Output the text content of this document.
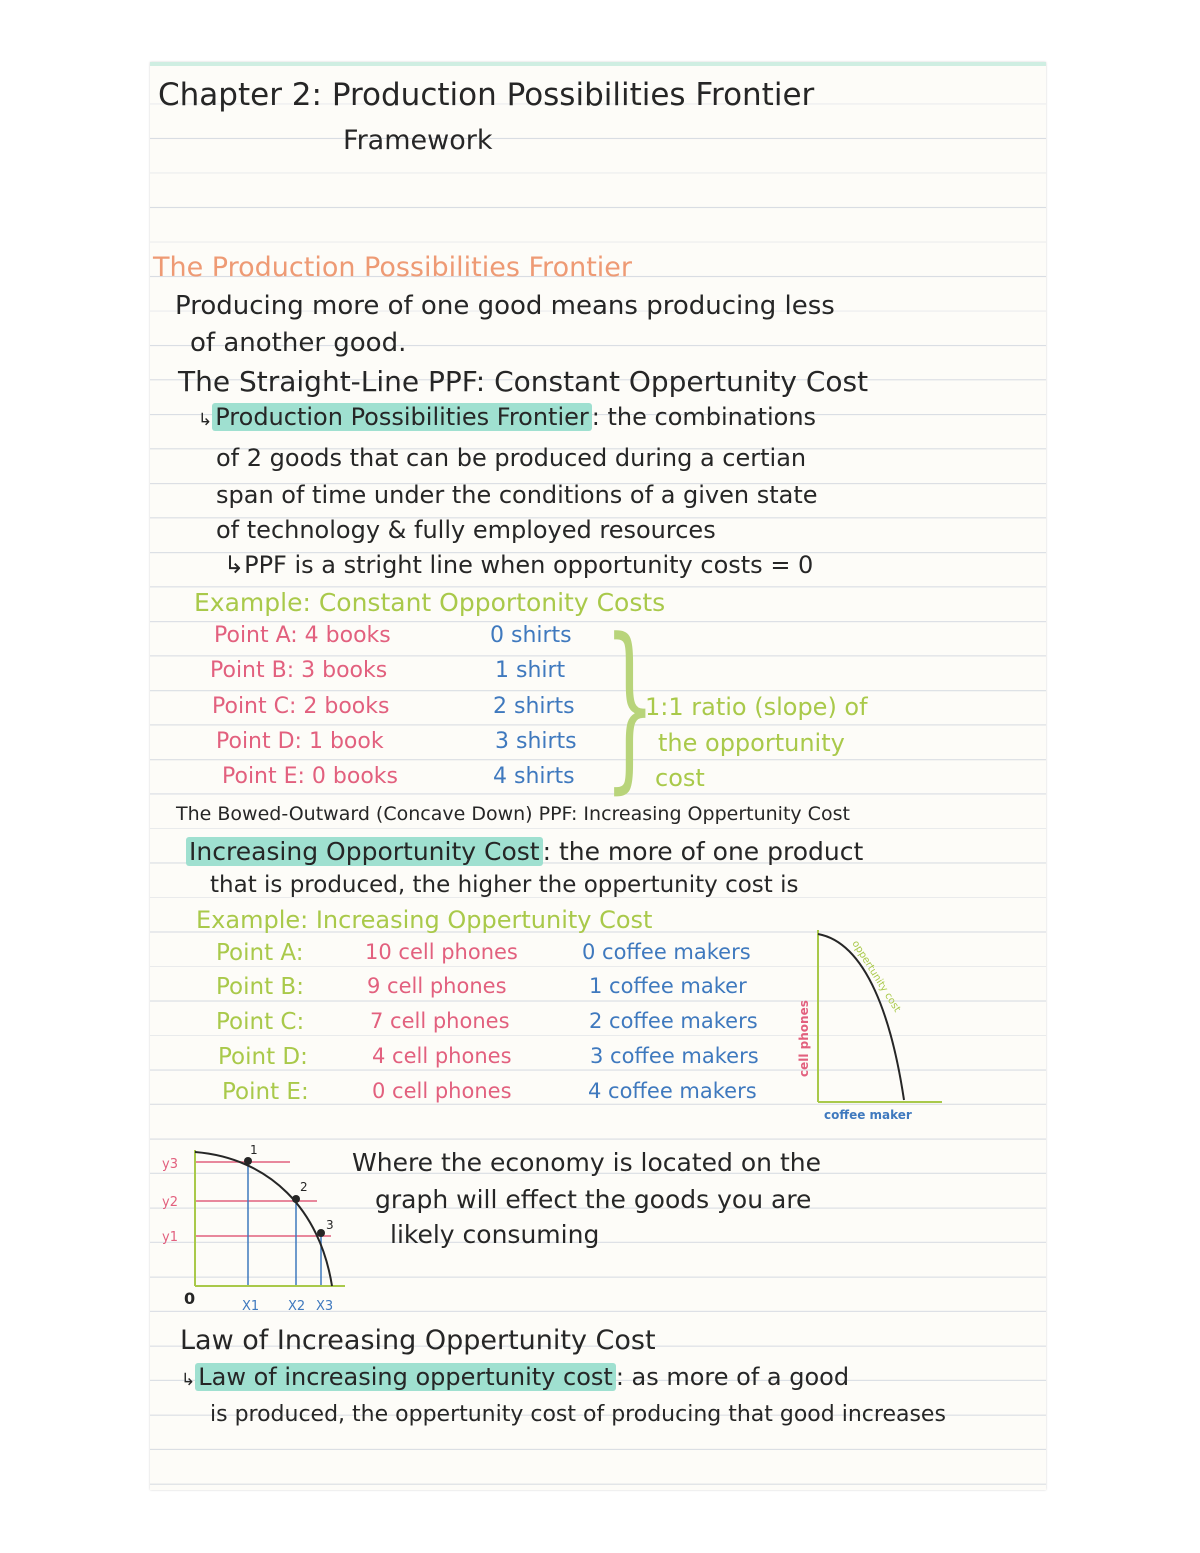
Chapter 2: Production Possibilities Frontier
Framework
The Production Possibilities Frontier
Producing more of one good means producing less
of another good.
The Straight-Line PPF: Constant Oppertunity Cost
↳ Production Possibilities Frontier : the combinations
of 2 goods that can be produced during a certian
span of time under the conditions of a given state
of technology & fully employed resources
↳PPF is a stright line when opportunity costs = 0
Example: Constant Opportonity Costs
Point A: 4 books	0 shirts
Point B: 3 books	1 shirt
Point C: 2 books	2 shirts
Point D: 1 book	3 shirts
Point E: 0 books	4 shirts }
1:1 ratio (slope) of
the opportunity
cost
The Bowed-Outward (Concave Down) PPF: Increasing Oppertunity Cost
Increasing Opportunity Cost : the more of one product
that is produced, the higher the oppertunity cost is
Example: Increasing Oppertunity Cost
Point A:	10 cell phones	0 coffee makers
Point B:	9 cell phones	1 coffee maker
Point C:	7 cell phones	2 coffee makers
Point D:	4 cell phones	3 coffee makers
Point E:	0 cell phones	4 coffee makers
oppertunity cost
cell phones
coffee maker
1
2
3
y3
y2
y1
0	X1 X2 X3
Where the economy is located on the
graph will effect the goods you are
likely consuming
Law of Increasing Oppertunity Cost
↳ Law of increasing oppertunity cost : as more of a good
is produced, the oppertunity cost of producing that good increases
